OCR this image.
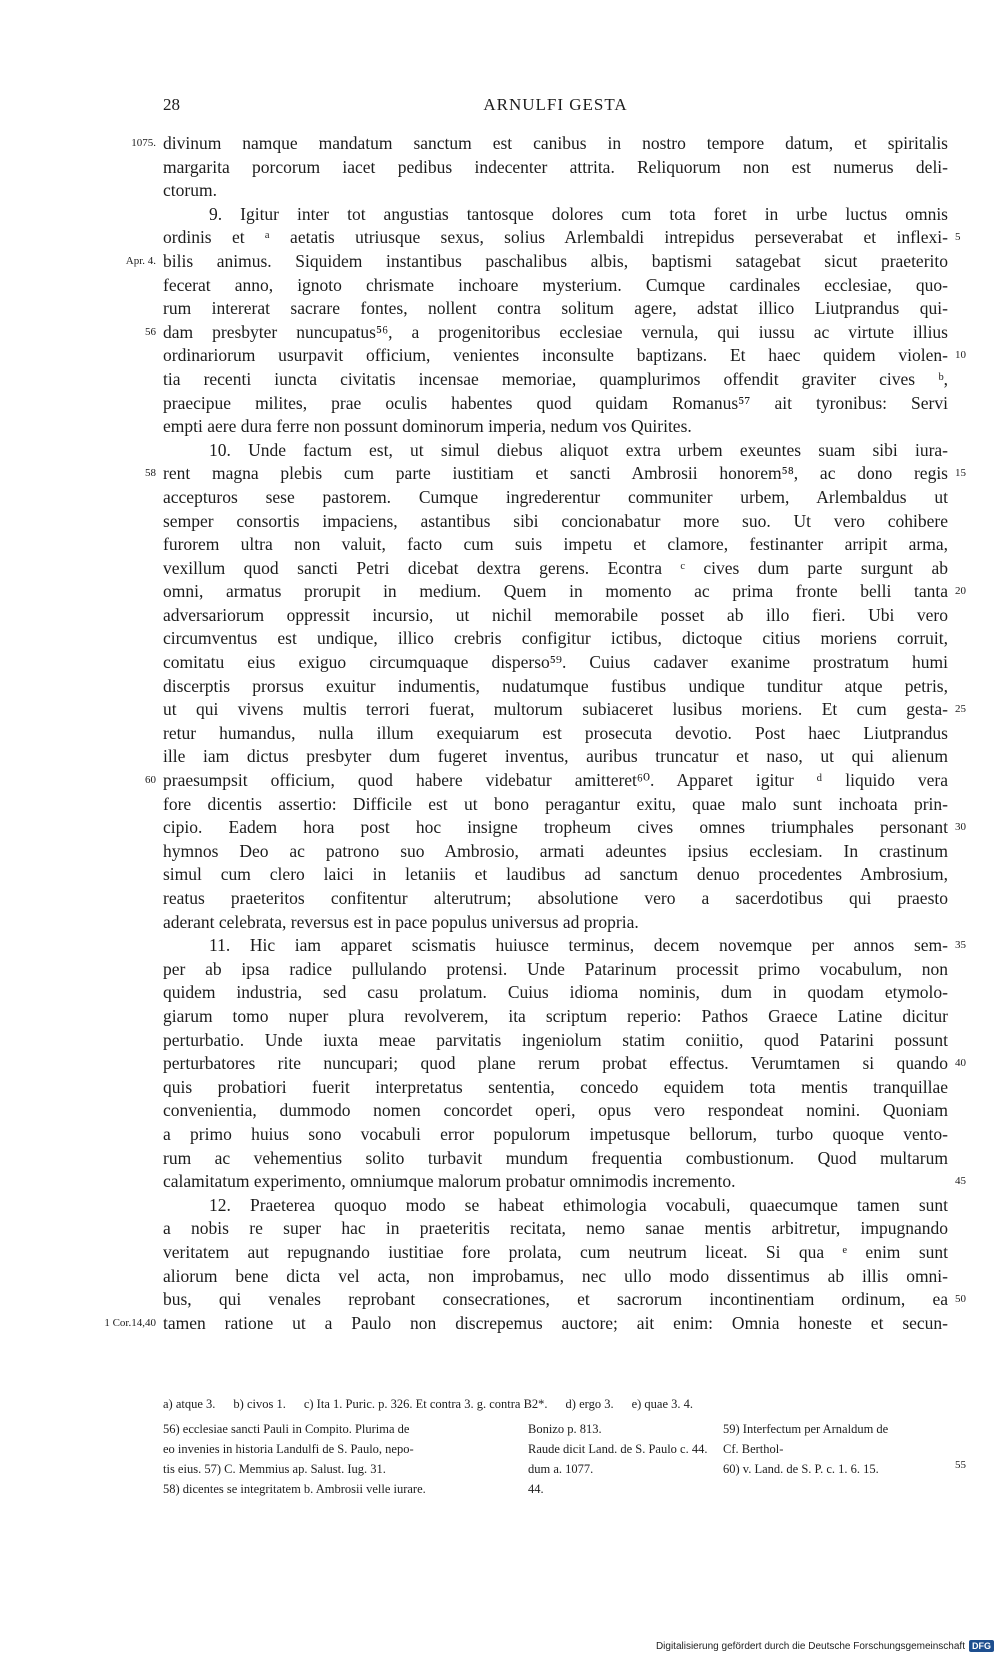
28	ARNULFI GESTA
divinum namque mandatum sanctum est canibus in nostro tempore datum, et spiritalis
1075.
margarita porcorum iacet pedibus indecenter attrita. Reliquorum non est numerus deli-
ctorum.
9. Igitur inter tot angustias tantosque dolores cum tota foret in urbe luctus omnis
ordinis et ᵃ aetatis utriusque sexus, solius Arlembaldi intrepidus perseverabat et inflexi- 5
bilis animus. Siquidem instantibus paschalibus albis, baptismi satagebat sicut praeterito
Apr. 4.
fecerat anno, ignoto chrismate inchoare mysterium. Cumque cardinales ecclesiae, quo-
rum intererat sacrare fontes, nollent contra solitum agere, adstat illico Liutprandus qui-
dam presbyter nuncupatus⁵⁶, a progenitoribus ecclesiae vernula, qui iussu ac virtute illius
56
ordinariorum usurpavit officium, venientes inconsulte baptizans. Et haec quidem violen- 10
tia recenti iuncta civitatis incensae memoriae, quamplurimos offendit graviter cives ᵇ,
praecipue milites, prae oculis habentes quod quidam Romanus⁵⁷ ait tyronibus: Servi
empti aere dura ferre non possunt dominorum imperia, nedum vos Quirites.
10. Unde factum est, ut simul diebus aliquot extra urbem exeuntes suam sibi iura-
rent magna plebis cum parte iustitiam et sancti Ambrosii honorem⁵⁸, ac dono regis
58	15
accepturos sese pastorem. Cumque ingrederentur communiter urbem, Arlembaldus ut
semper consortis impaciens, astantibus sibi concionabatur more suo. Ut vero cohibere
furorem ultra non valuit, facto cum suis impetu et clamore, festinanter arripit arma,
vexillum quod sancti Petri dicebat dextra gerens. Econtra ᶜ cives dum parte surgunt ab
omni, armatus prorupit in medium. Quem in momento ac prima fronte belli tanta 20
adversariorum oppressit incursio, ut nichil memorabile posset ab illo fieri. Ubi vero
circumventus est undique, illico crebris configitur ictibus, dictoque citius moriens corruit,
comitatu eius exiguo circumquaque disperso⁵⁹. Cuius cadaver exanime prostratum humi
discerptis prorsus exuitur indumentis, nudatumque fustibus undique tunditur atque petris,
ut qui vivens multis terrori fuerat, multorum subiaceret lusibus moriens. Et cum gesta- 25
retur humandus, nulla illum exequiarum est prosecuta devotio. Post haec Liutprandus
ille iam dictus presbyter dum fugeret inventus, auribus truncatur et naso, ut qui alienum
praesumpsit officium, quod habere videbatur amitteret⁶⁰. Apparet igitur ᵈ liquido vera
60
fore dicentis assertio: Difficile est ut bono peragantur exitu, quae malo sunt inchoata prin-
cipio. Eadem hora post hoc insigne tropheum cives omnes triumphales personant 30
hymnos Deo ac patrono suo Ambrosio, armati adeuntes ipsius ecclesiam. In crastinum
simul cum clero laici in letaniis et laudibus ad sanctum denuo procedentes Ambrosium,
reatus praeteritos confitentur alterutrum; absolutione vero a sacerdotibus qui praesto
aderant celebrata, reversus est in pace populus universus ad propria.
11. Hic iam apparet scismatis huiusce terminus, decem novemque per annos sem- 35
per ab ipsa radice pullulando protensi. Unde Patarinum processit primo vocabulum, non
quidem industria, sed casu prolatum. Cuius idioma nominis, dum in quodam etymolo-
giarum tomo nuper plura revolverem, ita scriptum reperio: Pathos Graece Latine dicitur
perturbatio. Unde iuxta meae parvitatis ingeniolum statim coniitio, quod Patarini possunt
perturbatores rite nuncupari; quod plane rerum probat effectus. Verumtamen si quando 40
quis probatiori fuerit interpretatus sententia, concedo equidem tota mentis tranquillae
convenientia, dummodo nomen concordet operi, opus vero respondeat nomini. Quoniam
a primo huius sono vocabuli error populorum impetusque bellorum, turbo quoque vento-
rum ac vehementius solito turbavit mundum frequentia combustionum. Quod multarum
calamitatum experimento, omniumque malorum probatur omnimodis incremento.	45
12. Praeterea quoquo modo se habeat ethimologia vocabuli, quaecumque tamen sunt
a nobis re super hac in praeteritis recitata, nemo sanae mentis arbitretur, impugnando
veritatem aut repugnando iustitiae fore prolata, cum neutrum liceat. Si qua ᵉ enim sunt
aliorum bene dicta vel acta, non improbamus, nec ullo modo dissentimus ab illis omni-
bus, qui venales reprobant consecrationes, et sacrorum incontinentiam ordinum, ea 50
tamen ratione ut a Paulo non discrepemus auctore; ait enim: Omnia honeste et secun-
1 Cor.14,40
a) atque 3. b) civos 1. c) Ita 1. Puric. p. 326. Et contra 3. g. contra B2*. d) ergo 3. e) quae 3. 4.
56) ecclesiae sancti Pauli in Compito. Plurima de
eo invenies in historia Landulfi de S. Paulo, nepo-
tis eius. 57) C. Memmius ap. Salust. Iug. 31.
58) dicentes se integritatem b. Ambrosii velle iurare.
Bonizo p. 813.
Raude dicit Land. de S. Paulo c. 44.
dum a. 1077.
44.
59) Interfectum per Arnaldum de
Cf. Berthol-
60) v. Land. de S. P. c. 1. 6. 15.	55
Digitalisierung gefördert durch die Deutsche Forschungsgemeinschaft DFG
